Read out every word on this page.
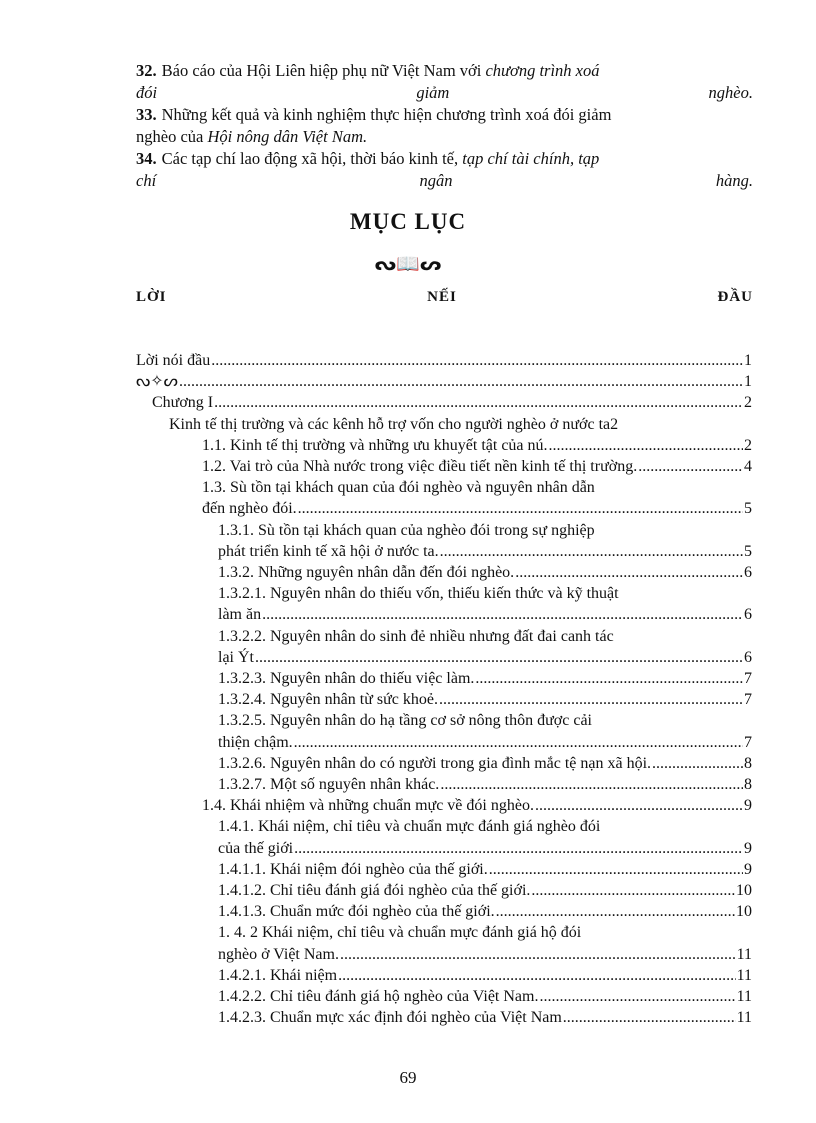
32. Báo cáo của Hội Liên hiệp phụ nữ Việt Nam với
chương trình xoá
đói	giảm	nghèo.
33. Những kết quả và kinh nghiệm thực hiện chương trình xoá đói giảm
nghèo của
Hội nông dân Việt Nam.
34. Các tạp chí lao động xã hội, thời báo kinh tế,
tạp chí tài chính, tạp
chí	ngân	hàng.
MỤC LỤC
ᔓ📖ᔕ
LỜI	NẾI	ĐẦU
Lời nói đầu .....	1
ᔓ✧ᔕ .....	1
Chương I .....	2
Kinh tế thị trường và các kênh hỗ trợ vốn cho người nghèo ở nước ta 2
1.1. Kinh tế thị trường và những ưu khuyết tật của nú. .....	2
1.2. Vai trò của Nhà nước trong việc điều tiết nền kinh tế thị trường. .....	4
1.3. Sù tồn tại khách quan của đói nghèo và nguyên nhân dẫn
đến nghèo đói. .....	5
1.3.1. Sù tồn tại khách quan của nghèo đói trong sự nghiệp
phát triển kinh tế xã hội ở nước ta. .....	5
1.3.2. Những nguyên nhân dẫn đến đói nghèo. .....	6
1.3.2.1. Nguyên nhân do thiếu vốn, thiếu kiến thức và kỹ thuật
làm ăn .....	6
1.3.2.2. Nguyên nhân do sinh đẻ nhiều nhưng đất đai canh tác
lại Ýt .....	6
1.3.2.3. Nguyên nhân do thiếu việc làm. .....	7
1.3.2.4. Nguyên nhân từ sức khoẻ. .....	7
1.3.2.5. Nguyên nhân do hạ tầng cơ sở nông thôn được cải
thiện chậm. .....	7
1.3.2.6. Nguyên nhân do có người trong gia đình mắc tệ nạn xã hội. .....	8
1.3.2.7. Một số nguyên nhân khác. .....	8
1.4. Khái nhiệm và những chuẩn mực về đói nghèo. .....	9
1.4.1. Khái niệm, chỉ tiêu và chuẩn mực đánh giá nghèo đói
của thế giới .....	9
1.4.1.1. Khái niệm đói nghèo của thế giới. .....	9
1.4.1.2. Chỉ tiêu đánh giá đói nghèo của thế giới. .....	10
1.4.1.3. Chuẩn mức đói nghèo của thế giới. .....	10
1. 4. 2 Khái niệm, chỉ tiêu và chuẩn mực đánh giá hộ đói
nghèo ở Việt Nam. .....	11
1.4.2.1. Khái niệm .....	11
1.4.2.2. Chỉ tiêu đánh giá hộ nghèo của Việt Nam. .....	11
1.4.2.3. Chuẩn mực xác định đói nghèo của Việt Nam .....	11
69
